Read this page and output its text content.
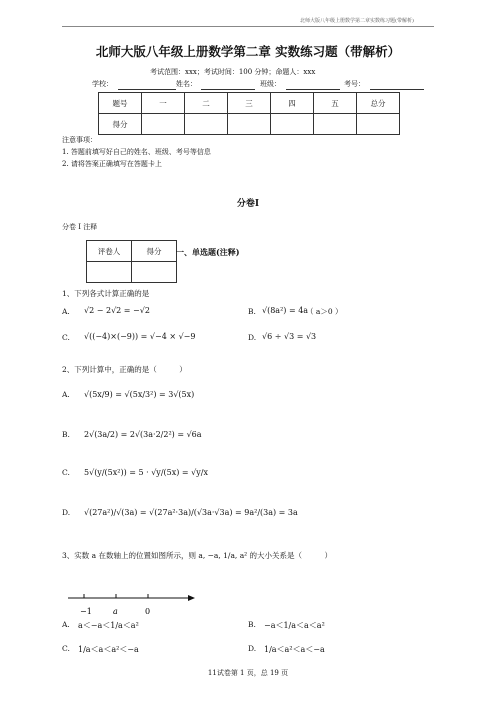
北师大版八年级上册数学第二章实数练习题(带解析)
北师大版八年级上册数学第二章 实数练习题（带解析）
考试范围：xxx；考试时间：100 分钟；命题人：xxx
学校：	姓名：	班级：	考号：
题号	一	二	三	四	五	总分
得分						
注意事项：
1. 答题前填写好自己的姓名、班级、考号等信息
2. 请将答案正确填写在答题卡上
分卷I
分卷 I 注释
评卷人	得分
	一、单选题(注释)
1、下列各式计算正确的是
A. √2 − 2√2 = −√2	B. √(8a²) = 4a
（ a＞0 ）
C. √((−4)×(−9)) = √−4 × √−9	D. √6 ÷ √3 = √3
2、下列计算中，正确的是（　　　）
A. √(5x/9) = √(5x/3²) = 3√(5x)
B. 2√(3a/2) = 2√(3a·2/2²) = √6a
C. 5√(y/(5x²)) = 5 · √y/(5x) = √y/x
D. √(27a²)/√(3a) = √(27a²·3a)/(√3a·√3a) = 9a²/(3a) = 3a
3、实数 a 在数轴上的位置如图所示，则 a, −a, 1/a, a² 的大小关系是（　　　）
−1	a	0
A. a＜−a＜1/a＜a²	B. −a＜1/a＜a＜a²
C. 1/a＜a＜a²＜−a	D. 1/a＜a²＜a＜−a
11试卷第 1 页，总 19 页
